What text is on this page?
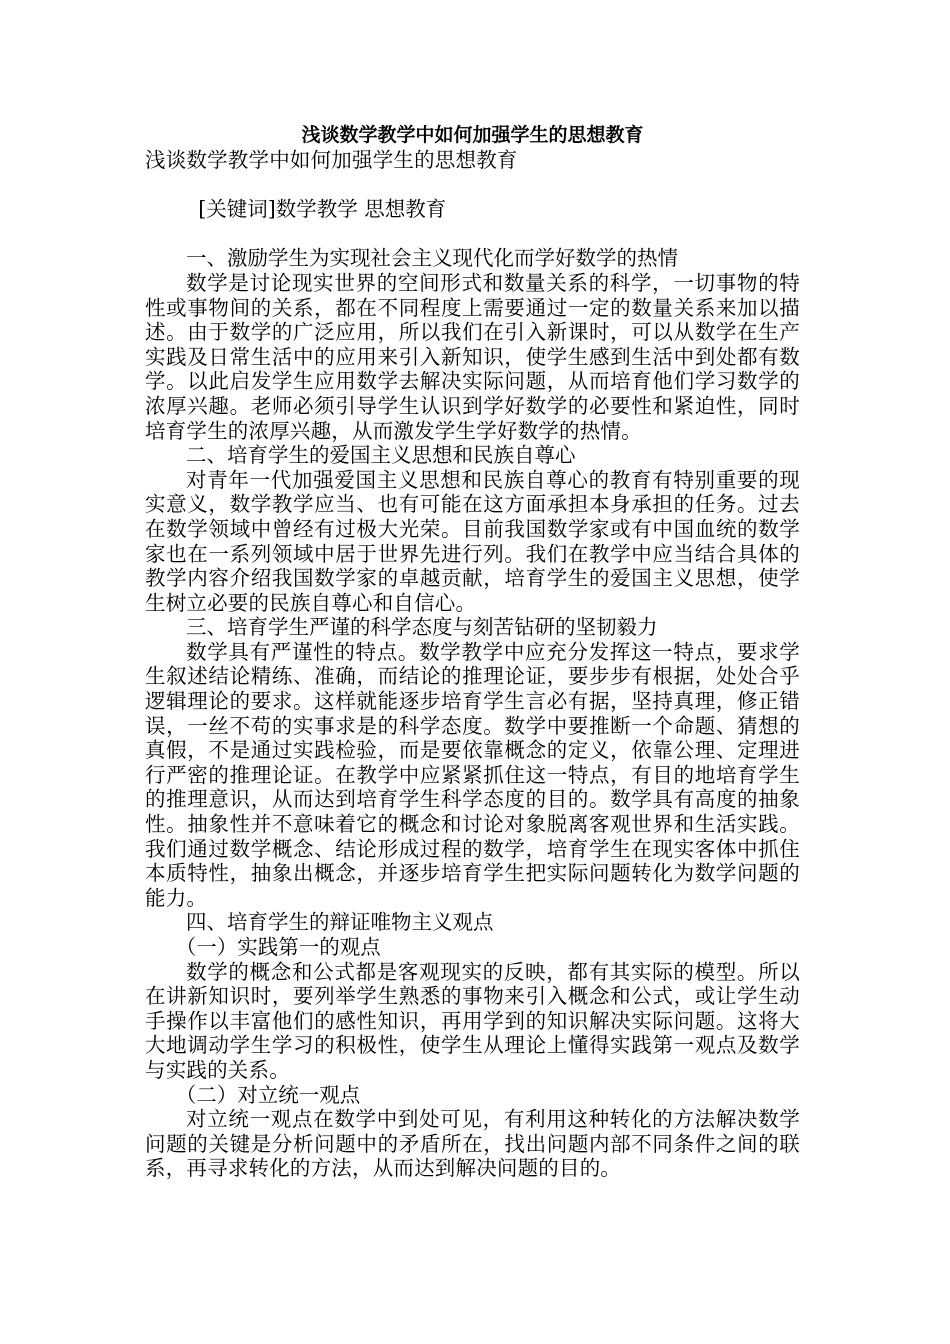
浅谈数学教学中如何加强学生的思想教育
浅谈数学教学中如何加强学生的思想教育

[关键词]数学教学 思想教育

一、激励学生为实现社会主义现代化而学好数学的热情

数学是讨论现实世界的空间形式和数量关系的科学，一切事物的特性或事物间的关系，都在不同程度上需要通过一定的数量关系来加以描述。由于数学的广泛应用，所以我们在引入新课时，可以从数学在生产实践及日常生活中的应用来引入新知识，使学生感到生活中到处都有数学。以此启发学生应用数学去解决实际问题，从而培育他们学习数学的浓厚兴趣。老师必须引导学生认识到学好数学的必要性和紧迫性，同时培育学生的浓厚兴趣，从而激发学生学好数学的热情。

二、培育学生的爱国主义思想和民族自尊心

对青年一代加强爱国主义思想和民族自尊心的教育有特别重要的现实意义，数学教学应当、也有可能在这方面承担本身承担的任务。过去在数学领域中曾经有过极大光荣。目前我国数学家或有中国血统的数学家也在一系列领域中居于世界先进行列。我们在教学中应当结合具体的教学内容介绍我国数学家的卓越贡献，培育学生的爱国主义思想，使学生树立必要的民族自尊心和自信心。

三、培育学生严谨的科学态度与刻苦钻研的坚韧毅力

数学具有严谨性的特点。数学教学中应充分发挥这一特点，要求学生叙述结论精练、准确，而结论的推理论证，要步步有根据，处处合乎逻辑理论的要求。这样就能逐步培育学生言必有据，坚持真理，修正错误，一丝不苟的实事求是的科学态度。数学中要推断一个命题、猜想的真假，不是通过实践检验，而是要依靠概念的定义，依靠公理、定理进行严密的推理论证。在教学中应紧紧抓住这一特点，有目的地培育学生的推理意识，从而达到培育学生科学态度的目的。数学具有高度的抽象性。抽象性并不意味着它的概念和讨论对象脱离客观世界和生活实践。我们通过数学概念、结论形成过程的数学，培育学生在现实客体中抓住本质特性，抽象出概念，并逐步培育学生把实际问题转化为数学问题的能力。

四、培育学生的辩证唯物主义观点

（一）实践第一的观点

数学的概念和公式都是客观现实的反映，都有其实际的模型。所以在讲新知识时，要列举学生熟悉的事物来引入概念和公式，或让学生动手操作以丰富他们的感性知识，再用学到的知识解决实际问题。这将大大地调动学生学习的积极性，使学生从理论上懂得实践第一观点及数学与实践的关系。

（二）对立统一观点

对立统一观点在数学中到处可见，有利用这种转化的方法解决数学问题的关键是分析问题中的矛盾所在，找出问题内部不同条件之间的联系，再寻求转化的方法，从而达到解决问题的目的。
